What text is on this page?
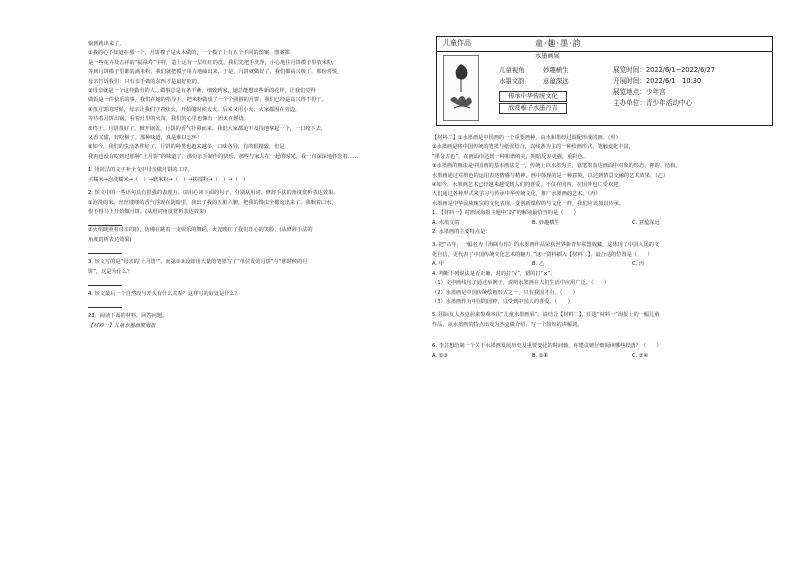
愉到就出来了。

②我的心不知道在那一个，月饼模子是火木做的，一个模子上有五个不同的图案，图案都

是一些花卉及吉祥的“福禄寿”字样，造上运有一层红红的皮。我们先把手洗净，小心地往月饼模子里放米粉，

等到月饼模子里都装满米粉，我们就把模子用力地磕出来，于是，月饼就做好了，我们都高兴极了，那份喜悦，

母亲告诉我们：只有亲手做的东西才是最好吃的。

③母亲就是一个这样勤劳的人，做事总是有条不紊，细致到家，她总能想出些新的花样，让我们觉得

做饭是一件快乐的事，我们在她的指导下，把米粉做成了一个个圆圆的月饼，我们已经是高兴得不得了。

④蒸月饼的时候，母亲让我们守着灶火，开始的时候大火，后来又用小火，大家都围在旁边，

等待着月饼出锅，看着灶里的火苗，我们的心里也像有一团火在燃烧。

⑤终于，月饼蒸好了，掀开锅盖，月饼的香气扑鼻而来，我们大家都迫不及待地拿起一个，一口咬下去，

又香又甜，好吃极了。那种味道，真是难以忘怀！

⑥如今，我们的生活条件好了，月饼的种类也越来越多，口味各异，有的很精致，但是

我再也没有吃到过那种“土月饼”的味道了。那份亲手制作的快乐，那些与家人在一起的时光，我一直深深地怀念着……

1. 用简洁的文字补全文中母亲做月饼的工序。

买糯米→泡洗糯米→（　）→磨米粉→（　）→搓揉粉→（　）→（　）

2. 短文中的一些语句具有很强的表现力。请用心读下面的句子，分别从用词、修辞手法的角度赏析表达效果。

①泡洗的米，丝丝缕缕的香气浮现在阴暗里，我出了我的五脏六腑，把我的馋虫全都勾出来了。我咽着口水，

恨不得马上开始做月饼。(从用词角度赏析表达效果)

②火焰映照着母亲的脸，仿佛在跳着一支快乐的舞蹈，火光映红了我们开心的笑脸。(从修辞手法的

角度赏析表达效果)

3. 短文写的是“母亲的‘土月饼’”，而第①③段却用大量的笔墨写了“单位发的月饼”与“那时候的月

饼”，这是为什么？

4. 短文最后一个自然段与开头有什么关系？这样写的好处是什么？

23、阅读下面的材料，回答问题。

【材料一】儿童水墨画展海报

儿童作品	童·趣·墨·韵
水墨画展
儿童视角
水墨文韵
妙趣横生
意蕴深远
传承中华传统文化
欣赏稚子水墨丹青
展览时间：2022/6/1~2022/6/27
开展时间：2022/6/1　10:30
展览地点：少年宫
主办单位：青少年活动中心

【材料二】①水墨画是中国画的一个重要画种，由水和墨经过调配形成的画。（甲）

②水墨画是将中国传统的笔墨与纸张结合，以线条为主的一种绘画形式，笔触变化丰富，

“墨分五色”，在画面中达到一种和谐的美，明暗反差更强，重彩色。

③水墨画的画法是中国画的基本画法之一，传统上以水墨为主，靠笔墨表达画面中对象的形态、神韵、结构。

水墨画通过对墨色的运用表达情感与精神，画中体现的是一种意境，以达到情景交融的艺术效果。（乙）

④如今，水墨画艺术已经越来越受到人们的喜爱，不仅在国内，在国外也广受欢迎。

人们通过各种形式来学习与传承中华传统文化，推广水墨画的艺术。（丙）

水墨画是中华民族瑰宝的文化表现，变创新课程的与文化一样，我们应该加以传承。

1. 【材料一】对画展海报主题中“韵”的解读最恰当的是（　　）

A. 水墨文韵	B. 妙趣横生	C. 意蕴深远

2. 水墨画的主要特点是：

3. 把“古年，一幅名为《海阔有你》的水墨画作品荣获世界新青年联盟收藏，这体现了中国人民的文

化自信，更代表了中国传统文化艺术的魅力。”这一资料插入【材料二】，最合适的位置是（　　）

A. 甲	B. 乙	C. 丙

4. 判断下列说法是否正确，对的打“√”，错的打“×”。

（1）文中画线句子通过举例子，说明水墨画在人们生活中应用广泛。（　　）

（2）水墨画是中国传统绘画形式之一，只有我国才有。（　　）

（3）水墨画作为中国的国粹，只受到中国人的喜爱。（　　）

5. 国际友人杰克前来参观本次“儿童水墨画展”，请结合【材料二】，任选“材料一”海报上的一幅儿童

作品，从水墨画的特点出发为杰克做介绍，写一个简短的讲解词。

6. 李芸想给制一个关于水墨画发展历史及重要变化的时间轴，你建议她仔细阅读哪些段落？（　　）

A. ①③	B. ①④	C. ②④
